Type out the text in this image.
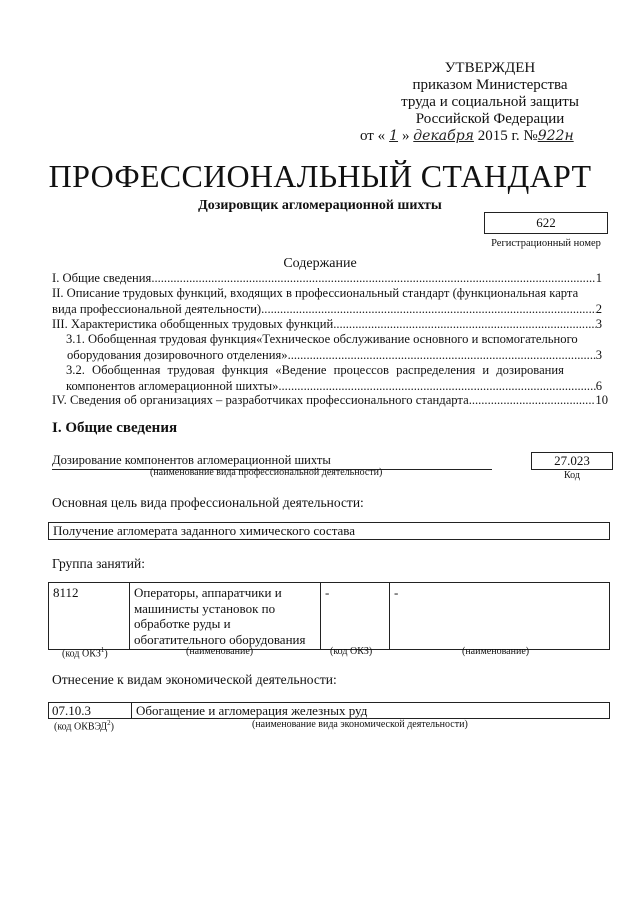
УТВЕРЖДЕН
приказом Министерства
труда и социальной защиты
Российской Федерации
от « 1 » декабря 2015 г. №922н
ПРОФЕССИОНАЛЬНЫЙ СТАНДАРТ
Дозировщик агломерационной шихты
622
Регистрационный номер
Содержание
I. Общие сведения .....	1
II. Описание трудовых функций, входящих в профессиональный стандарт (функциональная карта
вида профессиональной деятельности) .....	2
III. Характеристика обобщенных трудовых функций .....	3
3.1. Обобщенная трудовая функция«Техническое обслуживание основного и вспомогательного
оборудования дозировочного отделения» .....	3
3.2. Обобщенная трудовая функция «Ведение процессов распределения и дозирования
компонентов агломерационной шихты» .....	6
IV. Сведения об организациях – разработчиках профессионального стандарта .....	10
I. Общие сведения
Дозирование компонентов агломерационной шихты
(наименование вида профессиональной деятельности)
27.023
Код
Основная цель вида профессиональной деятельности:
Получение агломерата заданного химического состава
Группа занятий:
8112	Операторы, аппаратчики и машинисты установок по обработке руды и обогатительного оборудования	-	-
(код ОКЗ$^1$)	(наименование)	(код ОКЗ)	(наименование)
Отнесение к видам экономической деятельности:
07.10.3	Обогащение и агломерация железных руд
(код ОКВЭД$^2$)	(наименование вида экономической деятельности)
